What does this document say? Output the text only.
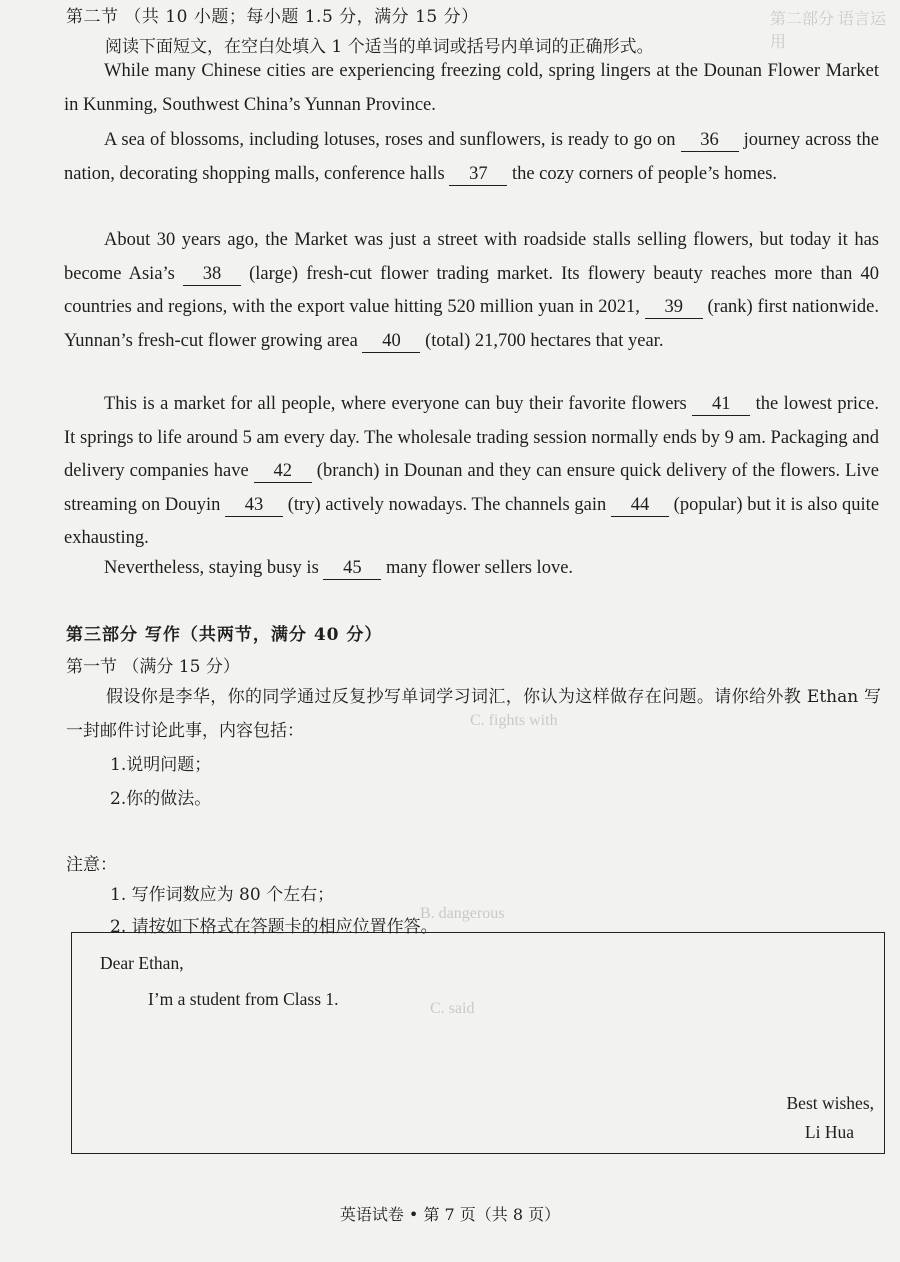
第二部分 语言运用
C. fights with
B. dangerous
C. said
第二节 （共 10 小题；每小题 1.5 分，满分 15 分）
阅读下面短文，在空白处填入 1 个适当的单词或括号内单词的正确形式。
While many Chinese cities are experiencing freezing cold, spring lingers at the Dounan Flower Market in Kunming, Southwest China’s Yunnan Province.
A sea of blossoms, including lotuses, roses and sunflowers, is ready to go on 36 journey across the nation, decorating shopping malls, conference halls 37 the cozy corners of people’s homes.
About 30 years ago, the Market was just a street with roadside stalls selling flowers, but today it has become Asia’s 38 (large) fresh-cut flower trading market. Its flowery beauty reaches more than 40 countries and regions, with the export value hitting 520 million yuan in 2021, 39 (rank) first nationwide. Yunnan’s fresh-cut flower growing area 40 (total) 21,700 hectares that year.
This is a market for all people, where everyone can buy their favorite flowers 41 the lowest price. It springs to life around 5 am every day. The wholesale trading session normally ends by 9 am. Packaging and delivery companies have 42 (branch) in Dounan and they can ensure quick delivery of the flowers. Live streaming on Douyin 43 (try) actively nowadays. The channels gain 44 (popular) but it is also quite exhausting.
Nevertheless, staying busy is 45 many flower sellers love.
第三部分 写作（共两节，满分 40 分）
第一节 （满分 15 分）
假设你是李华，你的同学通过反复抄写单词学习词汇，你认为这样做存在问题。请你给外教 Ethan 写一封邮件讨论此事，内容包括：
1.说明问题；
2.你的做法。
注意：
1. 写作词数应为 80 个左右；
2. 请按如下格式在答题卡的相应位置作答。
Dear Ethan,
I’m a student from Class 1.
Best wishes,
Li Hua
英语试卷 • 第 7 页（共 8 页）
